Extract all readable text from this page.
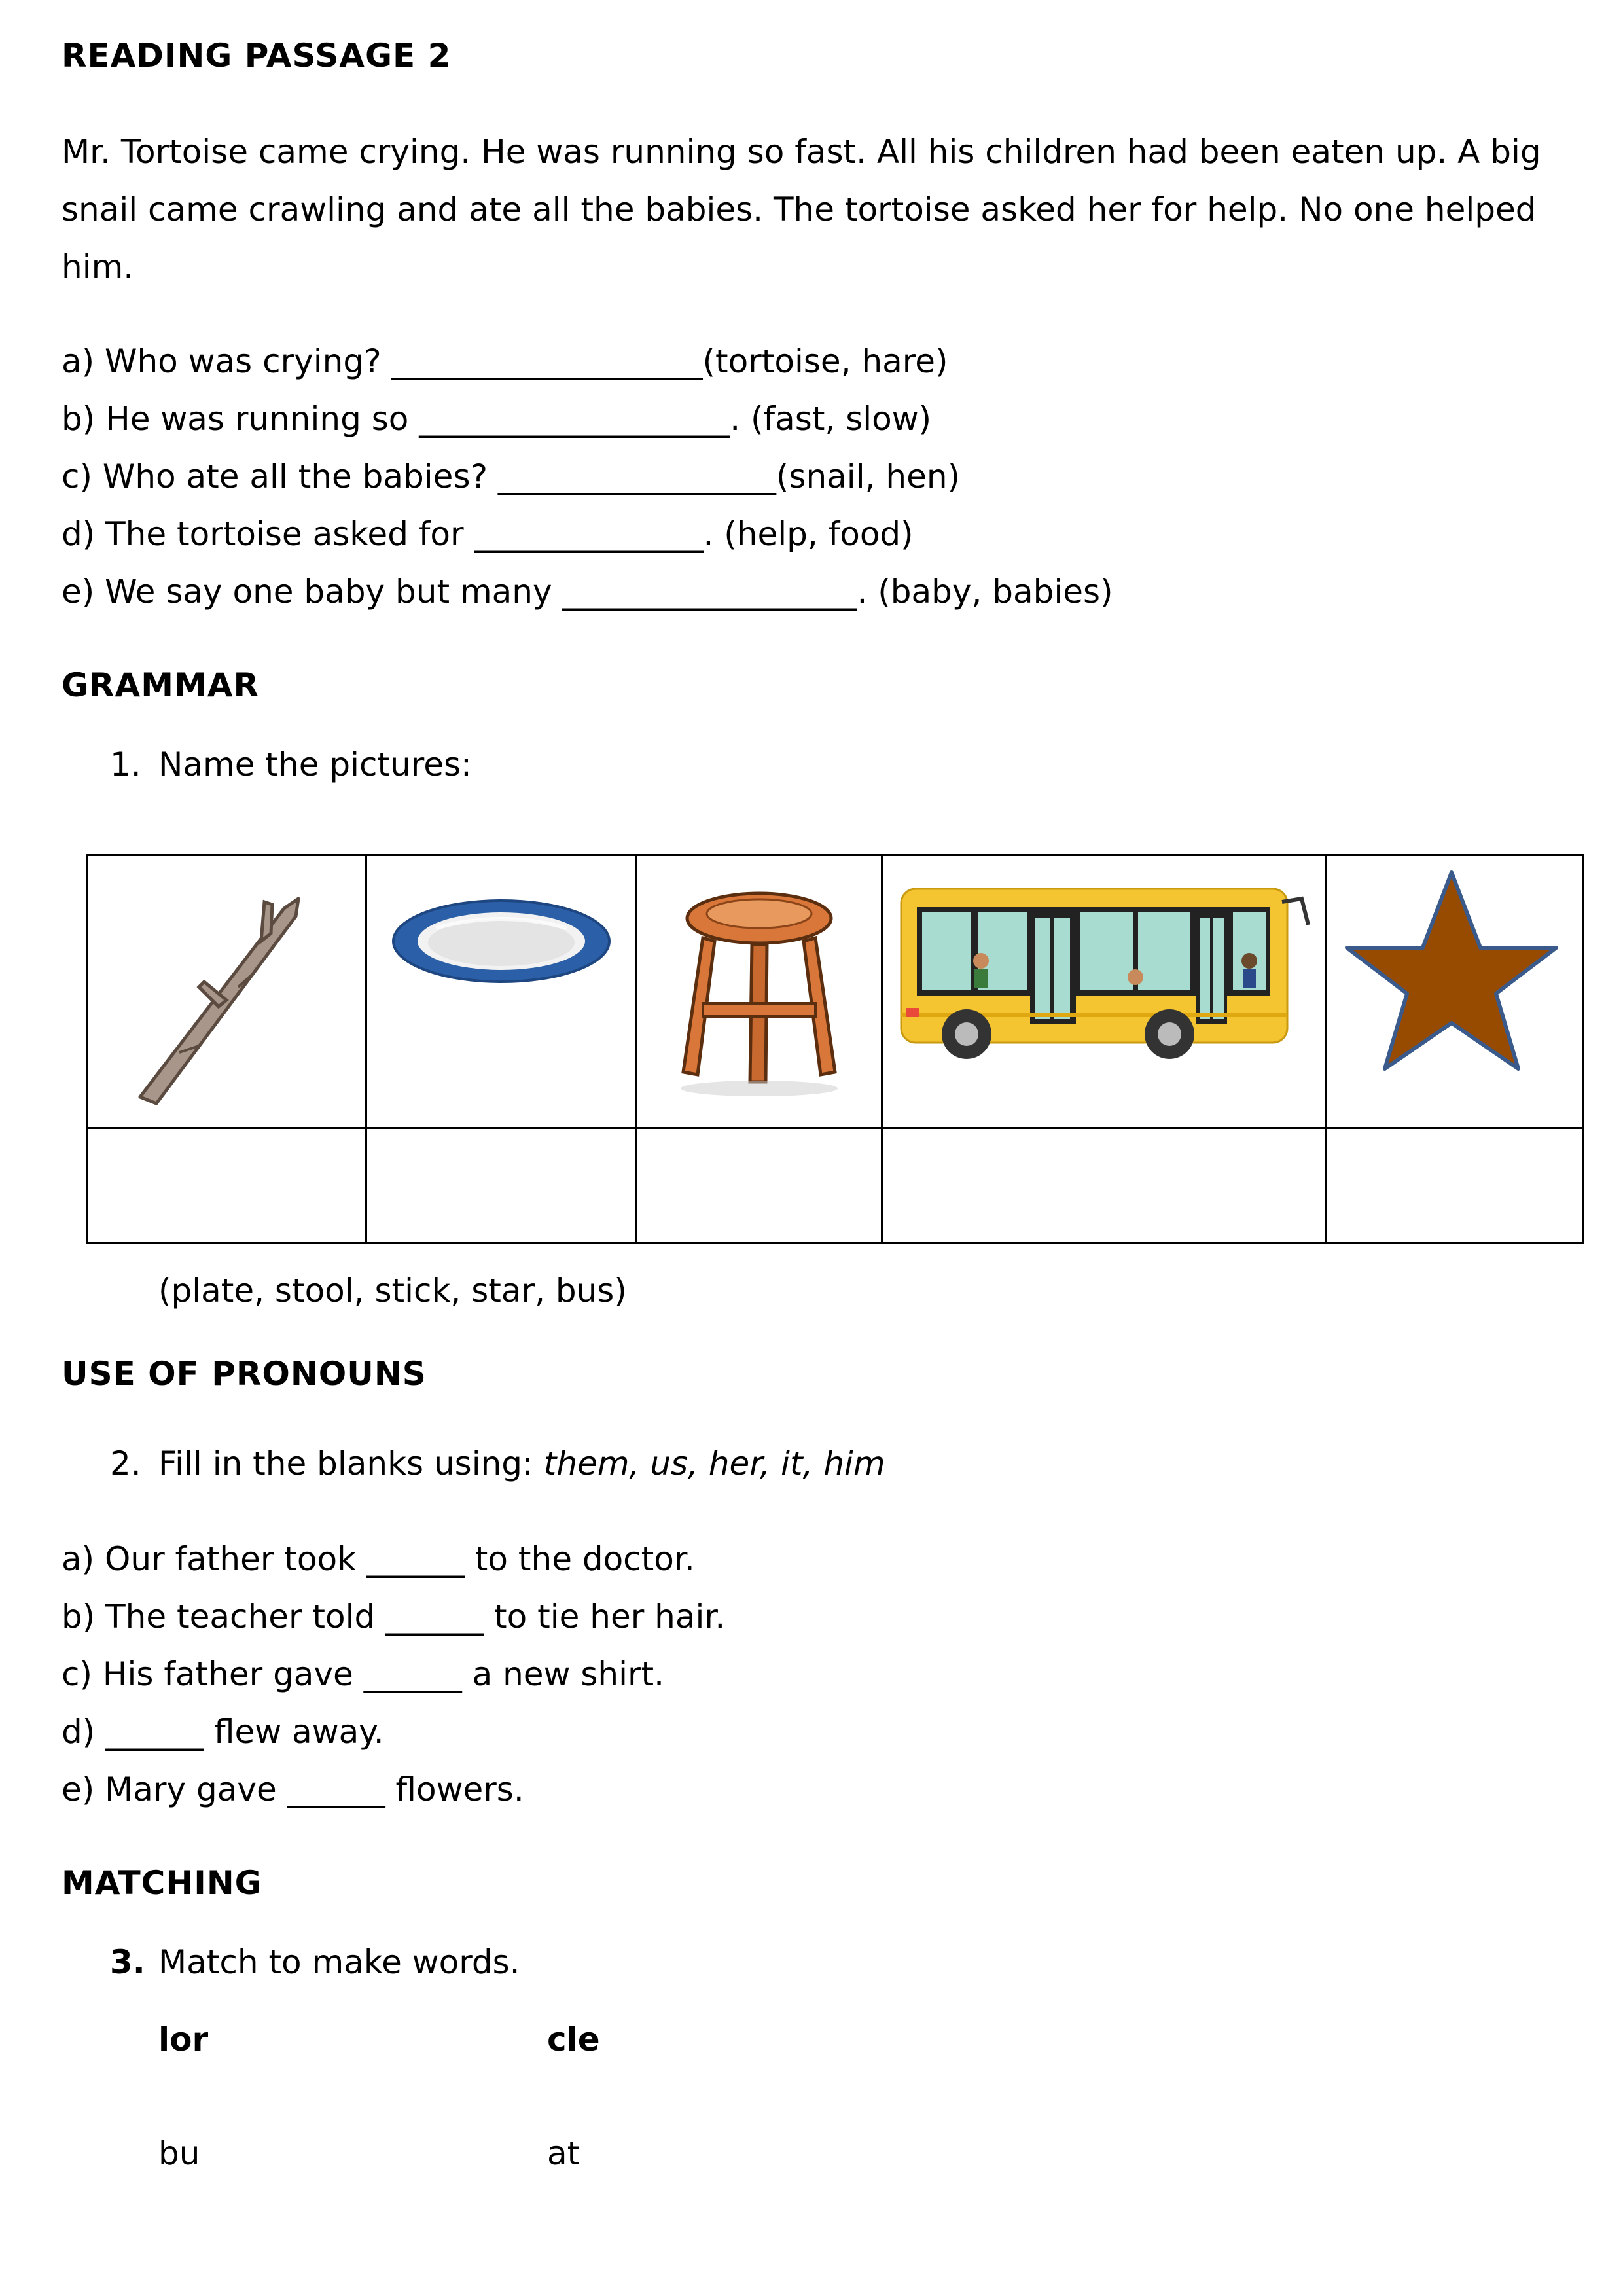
READING PASSAGE 2
Mr. Tortoise came crying. He was running so fast. All his children had been eaten up. A big snail came crawling and ate all the babies. The tortoise asked her for help. No one helped him.
a) Who was crying? ___________________(tortoise, hare)
b) He was running so ___________________. (fast, slow)
c) Who ate all the babies? _________________(snail, hen)
d) The tortoise asked for ______________. (help, food)
e) We say one baby but many __________________. (baby, babies)
GRAMMAR
1. Name the pictures:

(plate, stool, stick, star, bus)
USE OF PRONOUNS
2. Fill in the blanks using: them, us, her, it, him
a) Our father took ______ to the doctor.
b) The teacher told ______ to tie her hair.
c) His father gave ______ a new shirt.
d) ______ flew away.
e) Mary gave ______ flowers.
MATCHING
3. Match to make words.
lor	cle
bu	at
